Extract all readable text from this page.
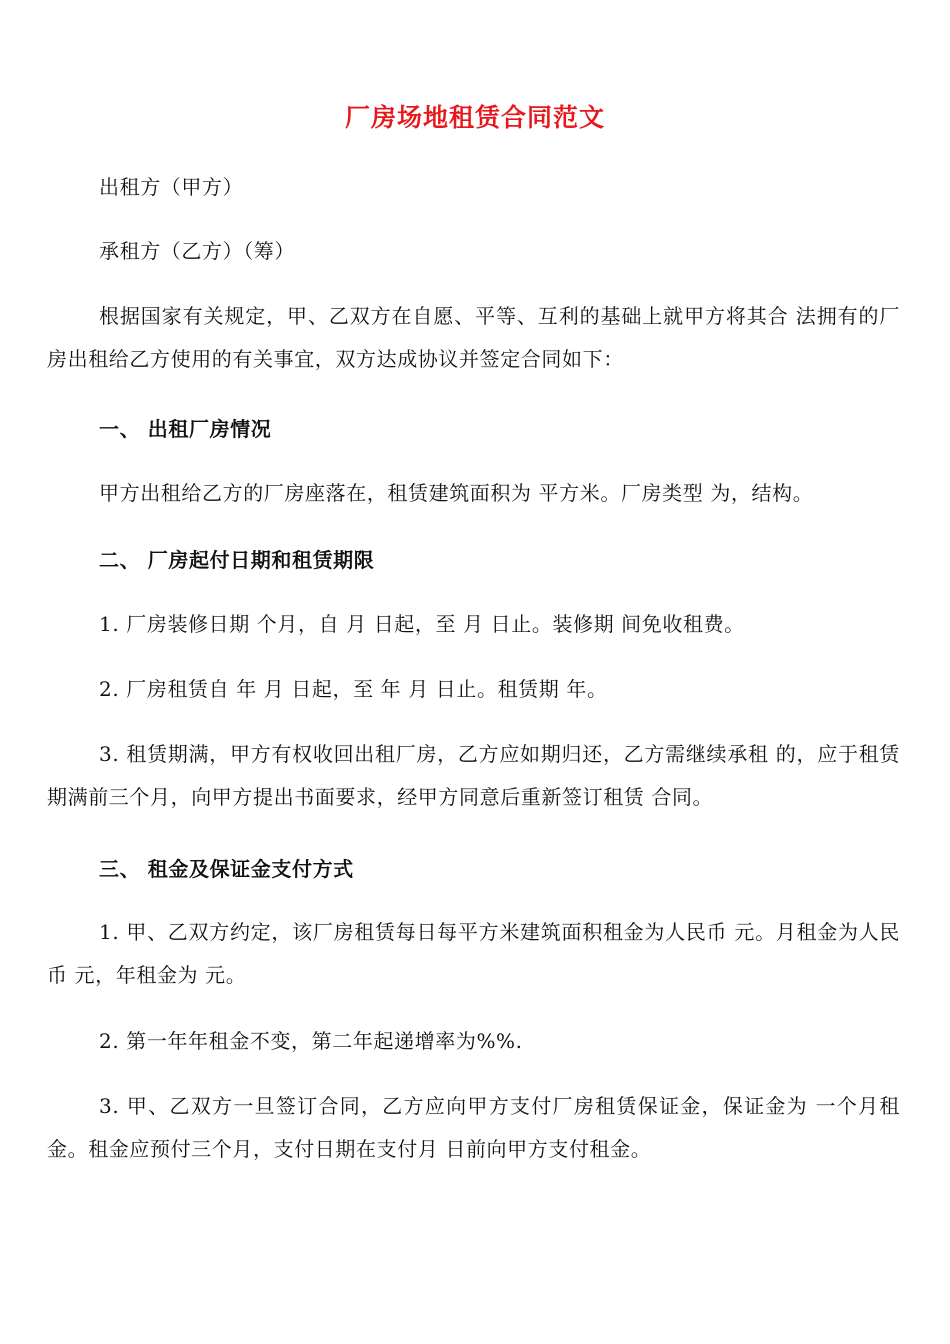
厂房场地租赁合同范文
出租方（甲方）
承租方（乙方）（筹）
根据国家有关规定，甲、乙双方在自愿、平等、互利的基础上就甲方将其合 法拥有的厂房出租给乙方使用的有关事宜，双方达成协议并签定合同如下：
一、 出租厂房情况
甲方出租给乙方的厂房座落在，租赁建筑面积为 平方米。厂房类型 为，结构。
二、 厂房起付日期和租赁期限
1. 厂房装修日期 个月，自 月 日起，至 月 日止。装修期 间免收租费。
2. 厂房租赁自 年 月 日起，至 年 月 日止。租赁期 年。
3. 租赁期满，甲方有权收回出租厂房，乙方应如期归还，乙方需继续承租 的，应于租赁期满前三个月，向甲方提出书面要求，经甲方同意后重新签订租赁 合同。
三、 租金及保证金支付方式
1. 甲、乙双方约定，该厂房租赁每日每平方米建筑面积租金为人民币 元。月租金为人民币 元，年租金为 元。
2. 第一年年租金不变，第二年起递增率为%%.
3. 甲、乙双方一旦签订合同，乙方应向甲方支付厂房租赁保证金，保证金为 一个月租金。租金应预付三个月，支付日期在支付月 日前向甲方支付租金。
